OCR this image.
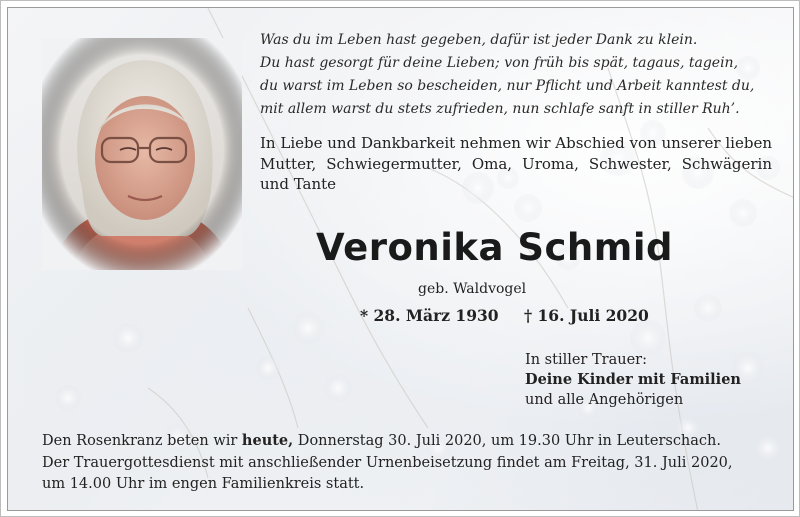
Was du im Leben hast gegeben, dafür ist jeder Dank zu klein.
Du hast gesorgt für deine Lieben; von früh bis spät, tagaus, tagein,
du warst im Leben so bescheiden, nur Pflicht und Arbeit kanntest du,
mit allem warst du stets zufrieden, nun schlafe sanft in stiller Ruh’.
In Liebe und Dankbarkeit nehmen wir Abschied von unserer lieben Mutter, Schwiegermutter, Oma, Uroma, Schwester, Schwägerin und Tante
Veronika Schmid
geb. Waldvogel
* 28. März 1930 † 16. Juli 2020
In stiller Trauer:
Deine Kinder mit Familien
und alle Angehörigen
Den Rosenkranz beten wir heute, Donnerstag 30. Juli 2020, um 19.30 Uhr in Leuterschach.
Der Trauergottesdienst mit anschließender Urnenbeisetzung findet am Freitag, 31. Juli 2020,
um 14.00 Uhr im engen Familienkreis statt.
